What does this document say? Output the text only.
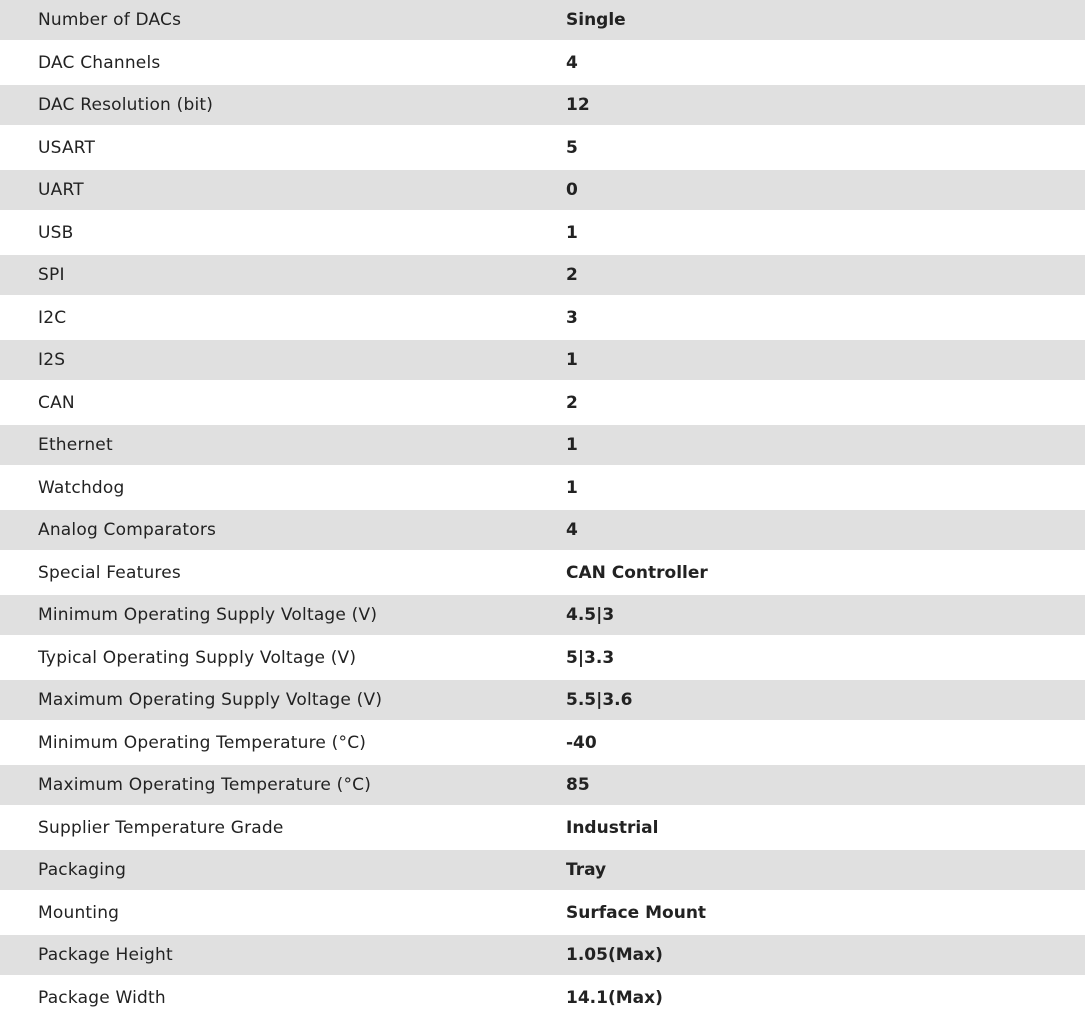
Number of DACs	Single
DAC Channels	4
DAC Resolution (bit)	12
USART	5
UART	0
USB	1
SPI	2
I2C	3
I2S	1
CAN	2
Ethernet	1
Watchdog	1
Analog Comparators	4
Special Features	CAN Controller
Minimum Operating Supply Voltage (V)	4.5|3
Typical Operating Supply Voltage (V)	5|3.3
Maximum Operating Supply Voltage (V)	5.5|3.6
Minimum Operating Temperature (°C)	-40
Maximum Operating Temperature (°C)	85
Supplier Temperature Grade	Industrial
Packaging	Tray
Mounting	Surface Mount
Package Height	1.05(Max)
Package Width	14.1(Max)
